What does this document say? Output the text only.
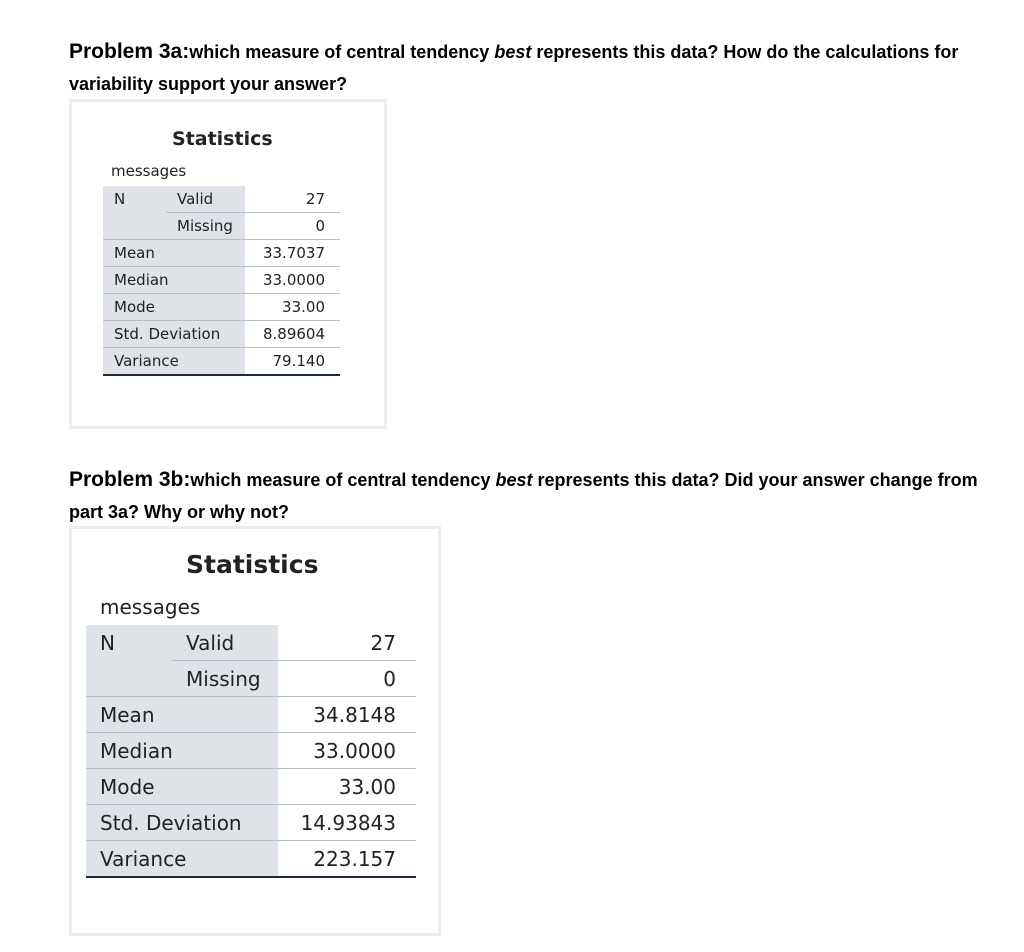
Problem 3a:which measure of central tendency best represents this data? How do the calculations for variability support your answer?

Statistics
messages
N	Valid	27
	Missing	0
Mean		33.7037
Median		33.0000
Mode		33.00
Std. Deviation		8.89604
Variance		79.140

Problem 3b:which measure of central tendency best represents this data? Did your answer change from part 3a? Why or why not?

Statistics
messages
N	Valid	27
	Missing	0
Mean		34.8148
Median		33.0000
Mode		33.00
Std. Deviation		14.93843
Variance		223.157
